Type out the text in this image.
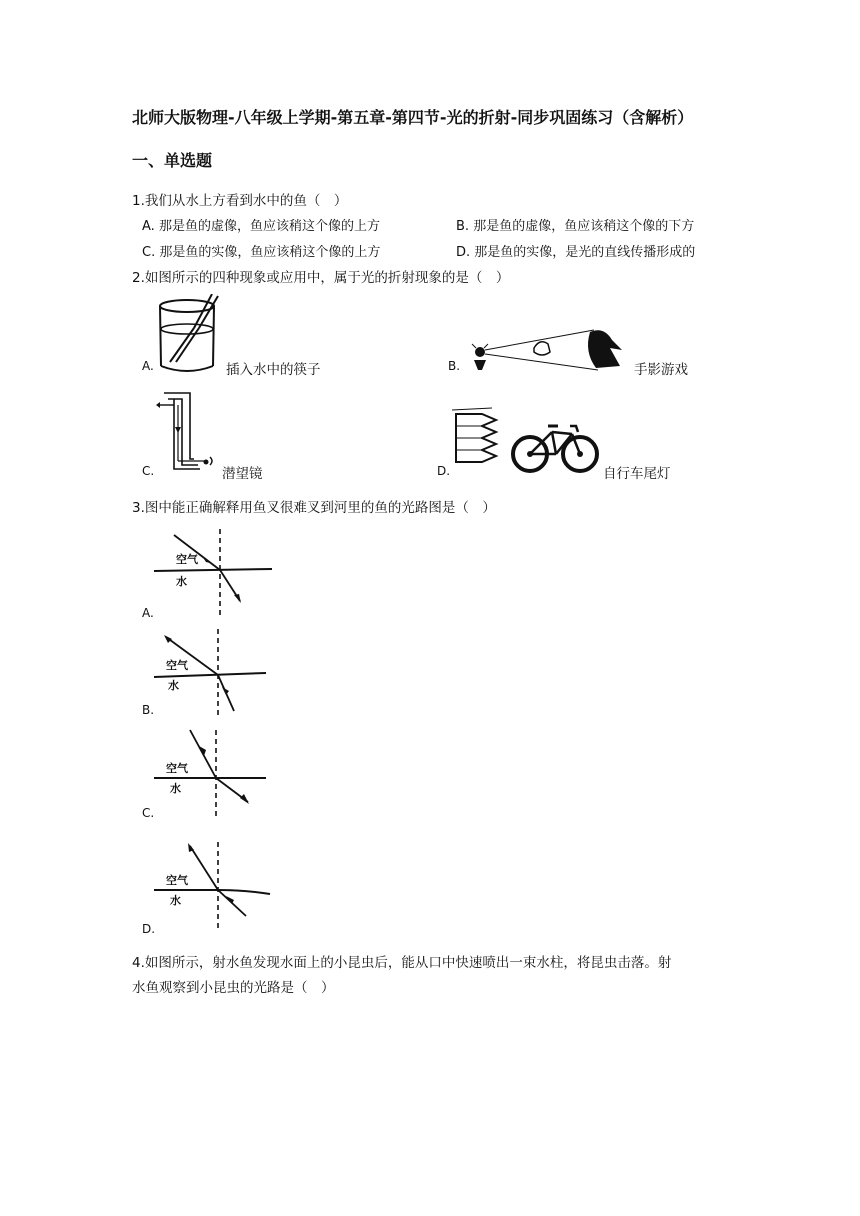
北师大版物理-八年级上学期-第五章-第四节-光的折射-同步巩固练习（含解析）
一、单选题
1.我们从水上方看到水中的鱼（　）
A. 那是鱼的虚像，鱼应该稍这个像的上方	B. 那是鱼的虚像，鱼应该稍这个像的下方
C. 那是鱼的实像，鱼应该稍这个像的上方	D. 那是鱼的实像，是光的直线传播形成的
2.如图所示的四种现象或应用中，属于光的折射现象的是（　）
A.	插入水中的筷子	B.	手影游戏
C.	潜望镜	D.	自行车尾灯
3.图中能正确解释用鱼叉很难叉到河里的鱼的光路图是（　）
空气
水
A.
空气
水
B.
空气
水
C.
空气
水
D.
4.如图所示，射水鱼发现水面上的小昆虫后，能从口中快速喷出一束水柱，将昆虫击落。射
水鱼观察到小昆虫的光路是（　）
